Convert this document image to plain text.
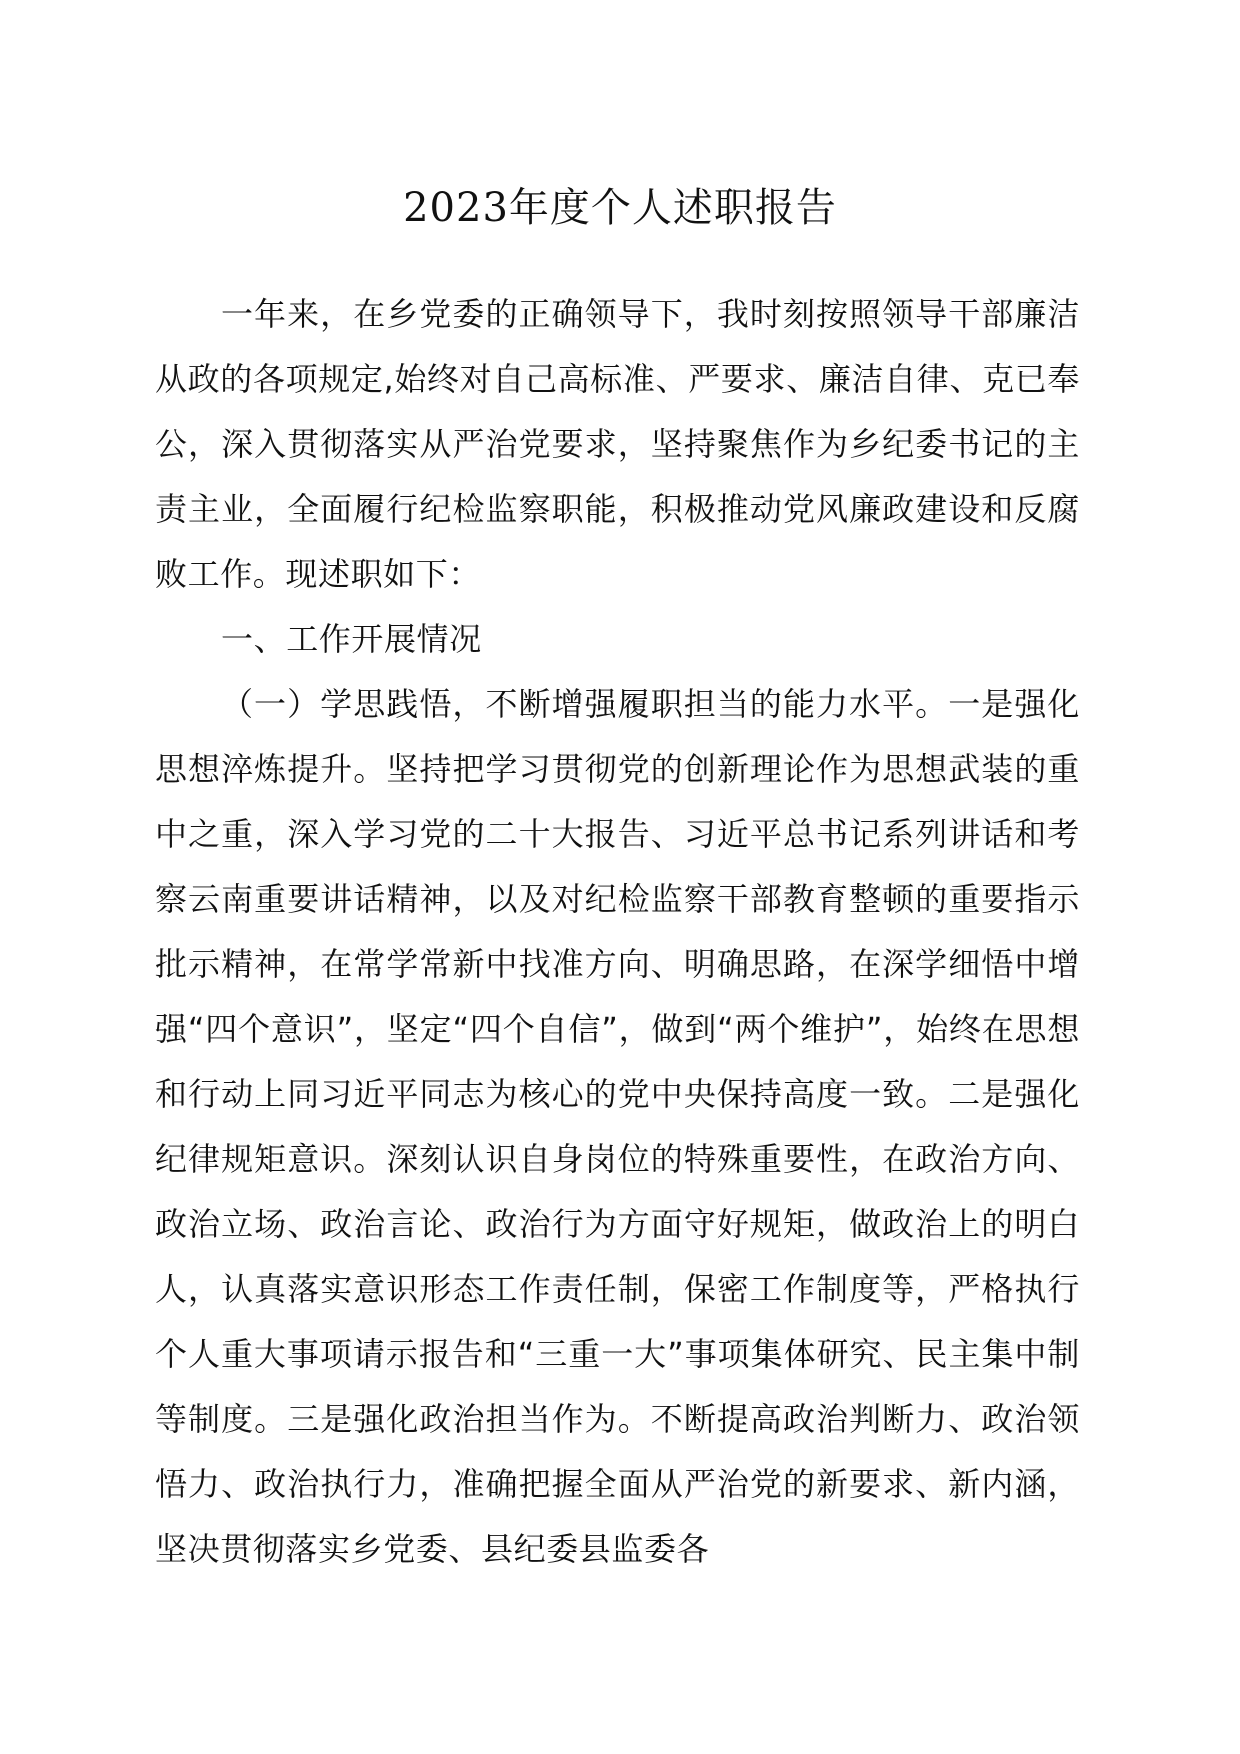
2023年度个人述职报告

一年来，在乡党委的正确领导下，我时刻按照领导干部廉洁从政的各项规定,始终对自己高标准、严要求、廉洁自律、克已奉公，深入贯彻落实从严治党要求，坚持聚焦作为乡纪委书记的主责主业，全面履行纪检监察职能，积极推动党风廉政建设和反腐败工作。现述职如下：

一、工作开展情况

（一）学思践悟，不断增强履职担当的能力水平。一是强化思想淬炼提升。坚持把学习贯彻党的创新理论作为思想武装的重中之重，深入学习党的二十大报告、习近平总书记系列讲话和考察云南重要讲话精神，以及对纪检监察干部教育整顿的重要指示批示精神，在常学常新中找准方向、明确思路，在深学细悟中增强“四个意识”，坚定“四个自信”，做到“两个维护”，始终在思想和行动上同习近平同志为核心的党中央保持高度一致。二是强化纪律规矩意识。深刻认识自身岗位的特殊重要性，在政治方向、政治立场、政治言论、政治行为方面守好规矩，做政治上的明白人，认真落实意识形态工作责任制，保密工作制度等，严格执行个人重大事项请示报告和“三重一大”事项集体研究、民主集中制等制度。三是强化政治担当作为。不断提高政治判断力、政治领悟力、政治执行力，准确把握全面从严治党的新要求、新内涵，坚决贯彻落实乡党委、县纪委县监委各
